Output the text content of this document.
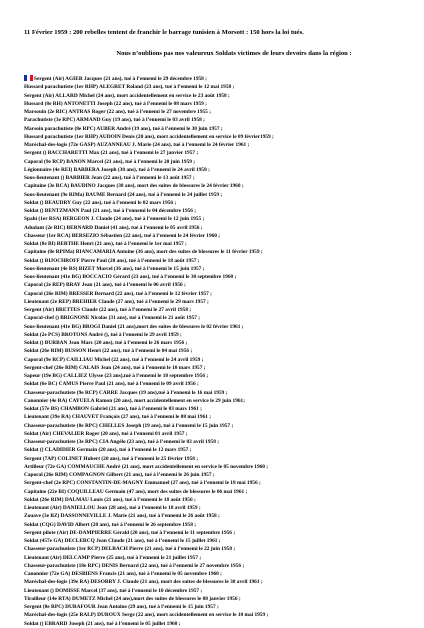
11 Février 1959 : 200 rebelles tentent de franchir le barrage tunisien à Morsott : 150 hors la loi tués.
Nous n’oublions pas nos valeureux Soldats victimes de leurs devoirs dans la région :
Sergent (Air) AGIER Jacques (21 ans), tué à l’ennemi le 29 décembre 1958 ;
Hussard parachutiste (1er RHP) ALEGRET Roland (23 ans), tué à l’ennemi le 12 mai 1958 ;
Sergent (Air) ALLARD Michel (24 ans), mort accidentellement en service le 23 août 1958 ;
Hussard (8e RH) ANTONETTI Joseph (22 ans), tué à l’ennemi le 08 mars 1959 ;
Marsouin (2e RIC) ANTRAS Roger (22 ans), tué à l’ennemi le 27 novembre 1955 ;
Parachutiste (3e RPC) ARMAND Guy (19 ans), tué à l’ennemi le 03 avril 1958 ;
Marsoin parachutiste (8e RPC) AUBER André (19 ans), tué à l’ennemi le 30 juin 1957 ;
Hussard parachutiste (1er RHP) AUDOIN Denis (20 ans), mort accidentellement en service le 09 février1959 ;
Maréchal-des-logis (72e GASP) AUZANNEAU J. Marie (24 ans), tué à l’ennemi le 24 février 1961 ;
Sergent () BACCHARETTI Max (21 ans), tué à l’ennemi le 27 janvier 1957 ;
Caporal (9e RCP) BANON Marcel (21 ans), tué à l’ennemi le 20 juin 1959 ;
Légionnaire (4e REI) BARBERA Joseph (30 ans), tué à l’ennemi le 24 avril 1958 ;
Sous-lieutenant () BARBIER Jean (22 ans), tué à l’ennemi le 13 août 1957 ;
Capitaine (3e RCA) BAUDINO Jacques (38 ans), mort des suites de blessures le 24 février 1960 ;
Sous-lieutenant (9e RIMa) BAUME Bernard (24 ans), tué à l’ennemi le 24 juillet 1959 ;
Soldat () BEAUDRY Guy (22 ans), tué à l’ennemi le 02 mars 1956 ;
Soldat () BENTZMANN Paul (21 ans), tué à l’ennemi le 04 décembre 1956 ;
Spahi (1er RSA) BERGEON J. Claude (24 ans), tué à l’ennemi le 12 juin 1955 ;
Adudant (2e RIC) BERNARD Daniel (41 ans), tué à l’ennemi le 05 avril 1956 ;
Chasseur (1er RCA) BERSEZIO Sébastien (22 ans), tué à l’ennemi le 24 février 1960 ;
Soldat (8e BI) BERTHE Henri (21 ans), tué à l’ennemi le 1er mai 1957 ;
Capitaine (8e RPIMa) BIANCAMARIA Antoine (36 ans), mort des suites de blessures le 11 février 1959 ;
Soldat () BIJOCHROFF Pierre Paul (20 ans), tué à l’ennemi le 18 août 1957 ;
Sous-lieutenant (4e RS) BIZET Marcel (36 ans), tué à l’ennemi le 15 juin 1957 ;
Sous-lieutenant (41e BG) BOCCACIO Gérard (23 ans), tué à l’ennemi le 30 septembre 1960 ;
Caporal (2e REP) BRAY Jean (21 ans), tué à l’ennemi le 06 avril 1956 ;
Caporal (26e RIM) BRESSER Bernard (22 ans), tué à l’ennemi le 12 février 1957 ;
Lieutenant (2e REP) BREHIER Claude (27 ans), tué à l’ennemi le 29 mars 1957 ;
Sergent (Air) BRETTES Claude (22 ans), tué à l’ennemi le 27 avril 1958 ;
Caporal-chef () BRIGNONE Nicolas (31 ans), tué à l’ennemi le 21 août 1957 ;
Sous-lieutenant (41e BG) BROGI Daniel (21 ans),mort des suites de blessures le 02 février 1961 ;
Soldat (2e PCS) BROTONS André (), tué à l’ennemi le 29 avril 1959 ;
Soldat () BURBAN Jean Marc (20 ans), tué à l’ennemi le 26 mars 1956 ;
Soldat (26e RIM) BUSSON Henri (22 ans), tué à l’ennemi le 04 mai 1956 ;
Caporal (9e RCP) CAILLIAU Michel (22 ans), tué à l’ennemi le 24 avril 1959 ;
Sergent-chef (26e RIM) CALAIS Jean (24 ans), tué à l’ennemi le 10 mars 1957 ;
Sapeur (19e BG) CALLIEZ Ulysse (23 ans),tué à l’ennemi le 18 septembre 1956 ;
Soldat (6e BC) CAMUS Pierre Paul (21 ans), tué à l’ennemi le 09 avril 1956 ;
Chasseur-parachutiste (9e RCP) CARRE Jacques (19 ans),tué à l’ennemi le 16 mai 1959 ;
Canonnier (4e RA) CAYUELA Ramon (20 ans), mort accidentellement en service le 29 juin 1961;
Soldat (57e BS) CHAMBON Gabriel (21 ans), tué à l’ennemi le 03 mars 1961 ;
Lieutenant (39e RA) CHAUVET François (27 ans), tué à l’ennemi le 08 mai 1961 ;
Chasseur-parachutiste (8e RPC) CHELLES Joseph (19 ans), tué à l’ennemi le 15 juin 1957 ;
Soldat (Air) CHEVALIER Roger (20 ans), tué à l’ennemi 01 avril 1957 ;
Chasseur-parachutiste (3e RPC) CIA Angélo (23 ans), tué à l’ennemi le 03 avril 1958 ;
Soldat () CLADIDIER Germain (20 ans), tué à l’ennemi le 12 mars 1957 ;
Sergent (7AP) COLINET Hubert (20 ans), tué à l’ennemi le 25 février 1958 ;
Artilleur (72e GA) COMMAUCHE André (21 ans), mort accidentellement en service le 05 novembre 1960 ;
Caporal (26e RIM) COMPAGNON Gilbert (21 ans), tué à l’ennemi le 26 juin 1957 ;
Sergent-chef (2e RPC) CONSTANTIN-DE-MAGNY Emmanuel (27 ans), tué à l’ennemi le 18 mai 1956 ;
Capitaine (22e BI) COQUILLEAU Germain (47 ans), mort des suites de blessures le 06 mai 1961 ;
Soldat (26e RIM) DALMAU Louis (21 ans), tué à l’ennemi le 18 août 1956 ;
Lieutenant (Air) DANIELLOU Jean (28 ans), tué à l’ennemi le 18 avril 1959 ;
Zouave (3e BZ) DASSONNEVILLE J. Marie (21 ans), tué à l’ennemi le 26 août 1958 ;
Soldat (CQG) DAVID Albert (20 ans), tué à l’ennemi le 26 septembre 1958 ;
Sergent pilote (Air) DE-DAMPIERRE Gérald (20 ans), tué à l’ennemi le 11 septembre 1956 ;
Soldat (457e GA) DECLERCQ Jean Claude (21 ans), tué à l’ennemi le 15 juillet 1961 ;
Chasseur-parachutiste (1er RCP) DELBACH Pierre (21 ans), tué à l’ennemi le 22 juin 1958 ;
Lieutenant (Air) DELCAMP Pierre (25 ans), tué à l’ennemi le 21 juillet 1957 ;
Chasseur-parachutiste (18e RPC) DENIS Bernard (22 ans), tué à l’ennemi le 27 novembre 1956 ;
Canonnier (72e GA) DESBIENS Francis (21 ans), tué à l’ennemi le 05 novembre 1960 ;
Maréchal-des-logis (39e RA) DESOBRY J. Claude (21 ans), mort des suites de blessures le 30 avril 1961 ;
Lieutenant () DOMISSE Marcel (37 ans), tué à l’ennemi le 10 décembre 1957 ;
Tirailleur (14e RTA) DUMETZ Michel (24 ans),mort des suites de blessures le 08 janvier 1956 ;
Sergent (8e RPC) DURAFOUR Jean Antoine (29 ans), tué à l’ennemi le 15 juin 1957 ;
Maréchal-des-logis (25e RALP) DUROUX Serge (22 ans), mort accidentellement en service le 10 mai 1959 ;
Soldat () EBRARD Joseph (21 ans), tué à l’ennemi le 05 juillet 1960 ;
